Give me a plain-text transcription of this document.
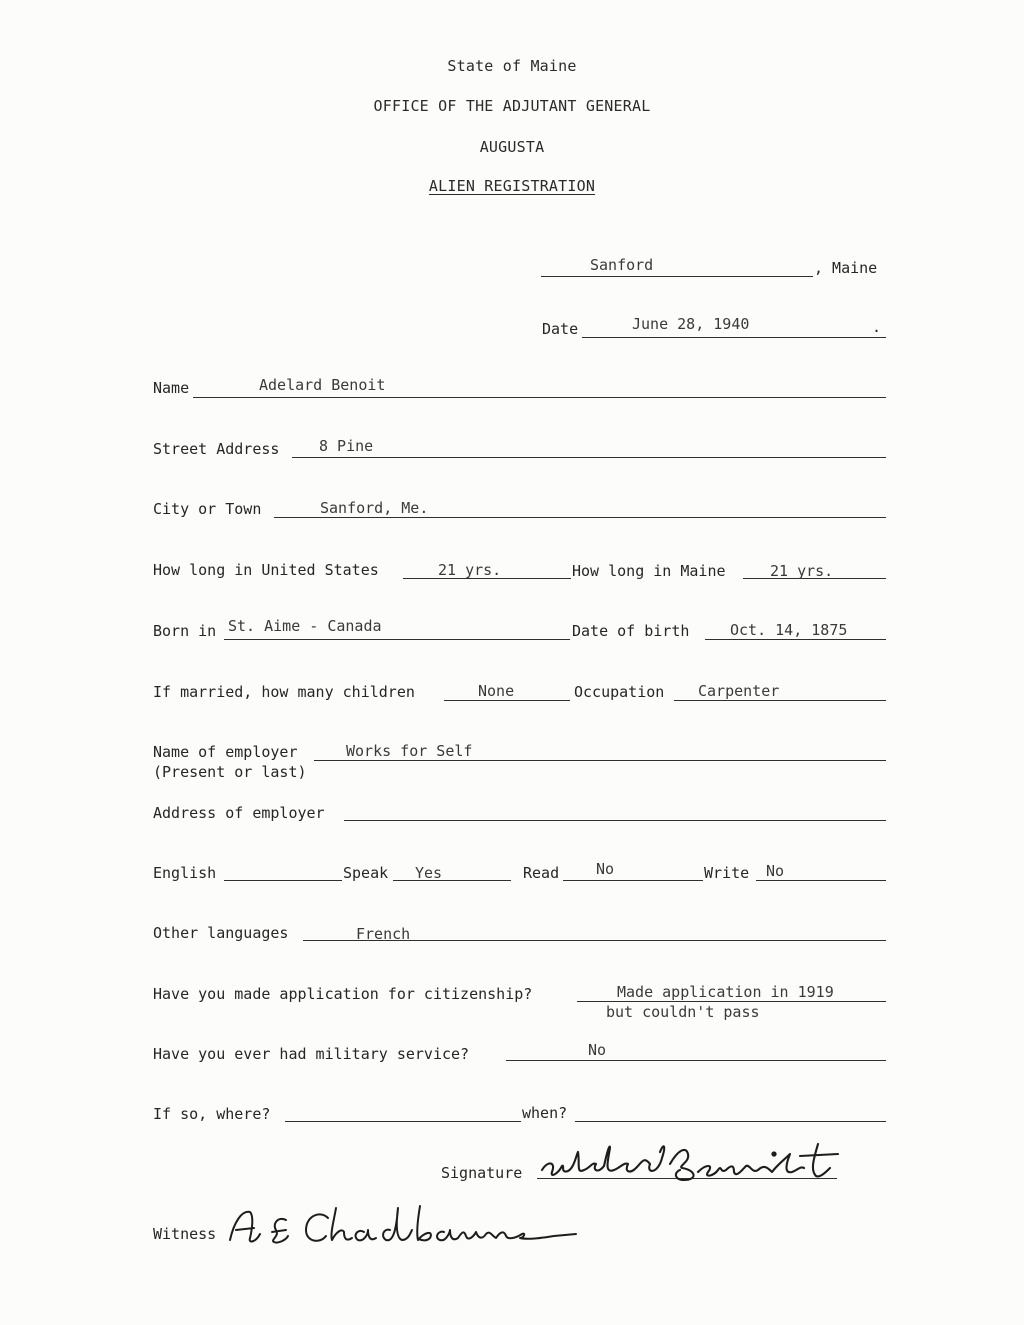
State of Maine
OFFICE OF THE ADJUTANT GENERAL
AUGUSTA
ALIEN REGISTRATION
Sanford	, Maine
Date	June 28, 1940	.
Name	Adelard Benoit
Street Address	8 Pine
City or Town	Sanford, Me.
How long in United States	21 yrs.	How long in Maine	21 yrs.
Born in St. Aime - Canada	Date of birth	Oct. 14, 1875
If married, how many children	None	Occupation Carpenter
Name of employer
(Present or last)
Works for Self
Address of employer
English	Speak Yes	Read No	Write No
Other languages	French
Have you made application for citizenship?	Made application in 1919
but couldn't pass
Have you ever had military service?	No
If so, where?	when?
Signature
Witness
